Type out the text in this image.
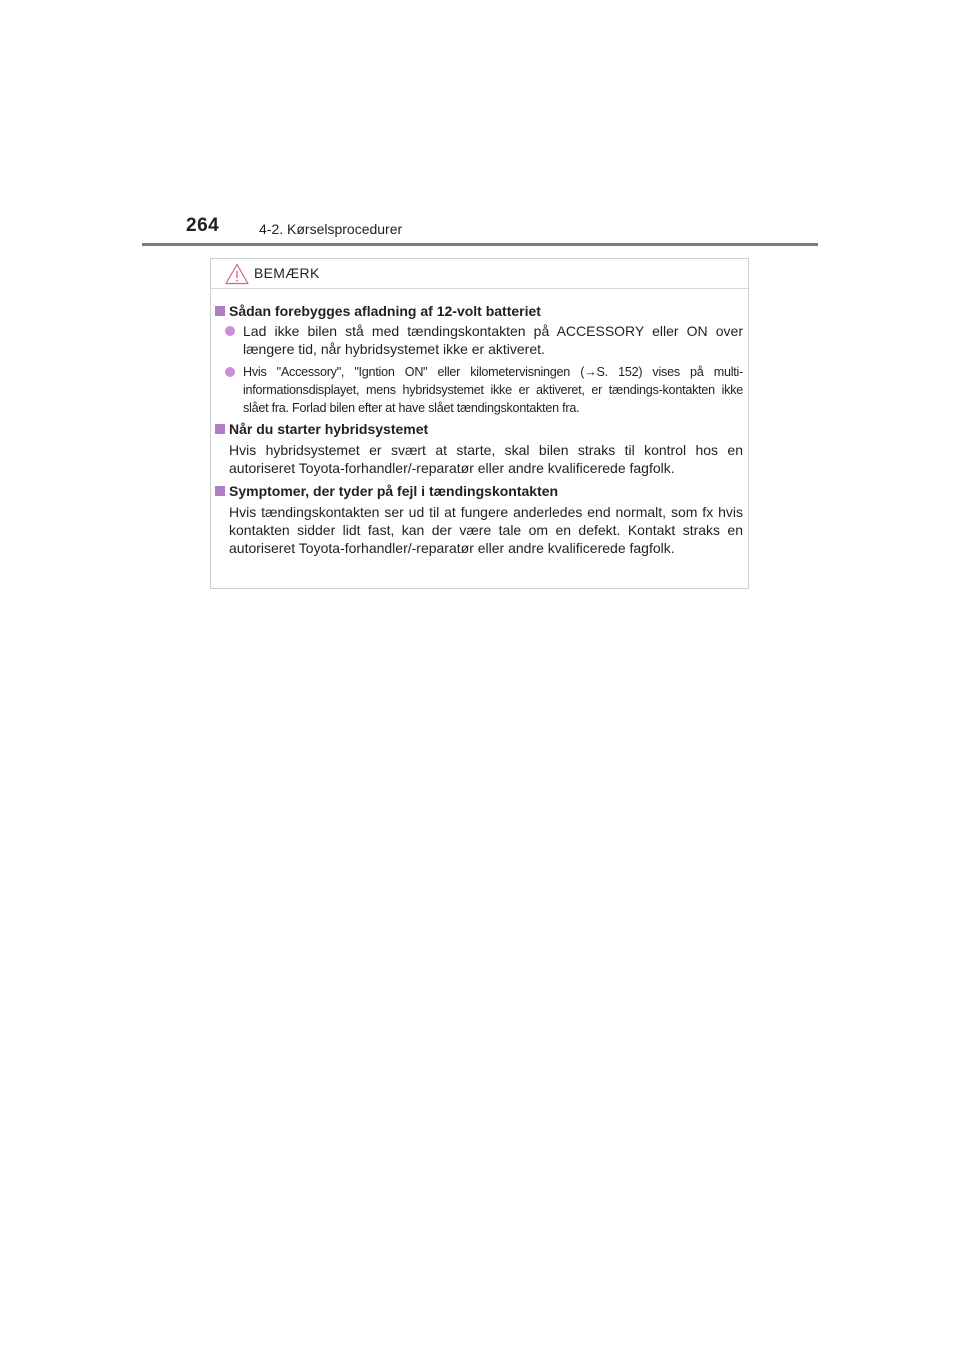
264	4-2. Kørselsprocedurer
BEMÆRK
Sådan forebygges afladning af 12-volt batteriet
Lad ikke bilen stå med tændingskontakten på ACCESSORY eller ON over længere tid, når hybridsystemet ikke er aktiveret.
Hvis "Accessory", "Igntion ON" eller kilometervisningen (→S. 152) vises på multi-informationsdisplayet, mens hybridsystemet ikke er aktiveret, er tændings-kontakten ikke slået fra. Forlad bilen efter at have slået tændingskontakten fra.
Når du starter hybridsystemet
Hvis hybridsystemet er svært at starte, skal bilen straks til kontrol hos en autoriseret Toyota-forhandler/-reparatør eller andre kvalificerede fagfolk.
Symptomer, der tyder på fejl i tændingskontakten
Hvis tændingskontakten ser ud til at fungere anderledes end normalt, som fx hvis kontakten sidder lidt fast, kan der være tale om en defekt. Kontakt straks en autoriseret Toyota-forhandler/-reparatør eller andre kvalificerede fagfolk.
